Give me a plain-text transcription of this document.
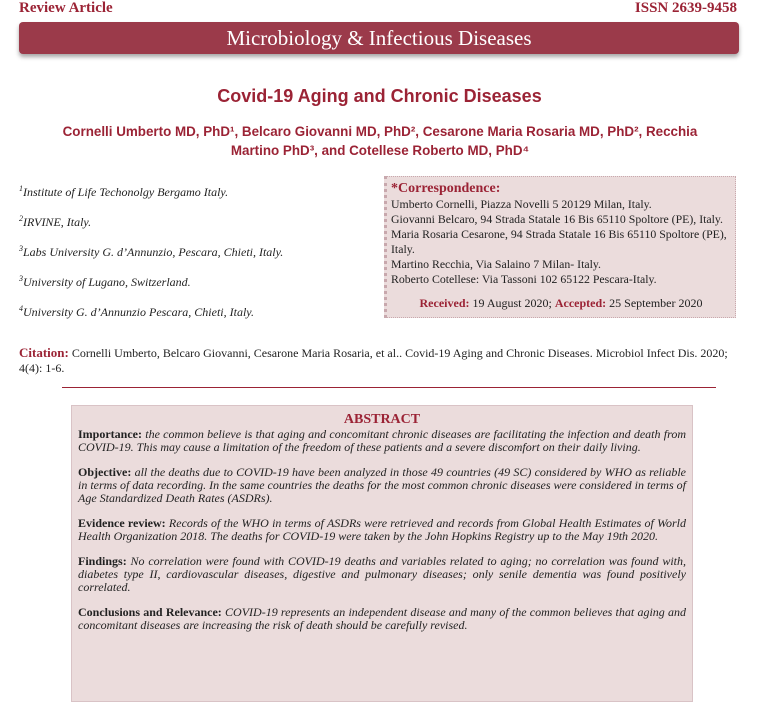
Review Article	ISSN 2639-9458
Microbiology & Infectious Diseases
Covid-19 Aging and Chronic Diseases
Cornelli Umberto MD, PhD¹, Belcaro Giovanni MD, PhD², Cesarone Maria Rosaria MD, PhD², Recchia
Martino PhD³, and Cotellese Roberto MD, PhD⁴
$^1$Institute of Life Techonolgy Bergamo Italy.
$^2$IRVINE, Italy.
$^3$Labs University G. d’Annunzio, Pescara, Chieti, Italy.
$^3$University of Lugano, Switzerland.
$^4$University G. d’Annunzio Pescara, Chieti, Italy.
*Correspondence:
Umberto Cornelli, Piazza Novelli 5 20129 Milan, Italy.
Giovanni Belcaro, 94 Strada Statale 16 Bis 65110 Spoltore (PE), Italy.
Maria Rosaria Cesarone, 94 Strada Statale 16 Bis 65110 Spoltore (PE), Italy.
Martino Recchia, Via Salaino 7 Milan- Italy.
Roberto Cotellese: Via Tassoni 102 65122 Pescara-Italy.
Received: 19 August 2020; Accepted: 25 September 2020
Citation: Cornelli Umberto, Belcaro Giovanni, Cesarone Maria Rosaria, et al.. Covid-19 Aging and Chronic Diseases. Microbiol Infect Dis. 2020; 4(4): 1-6.
ABSTRACT

Importance: the common believe is that aging and concomitant chronic diseases are facilitating the infection and death from COVID-19. This may cause a limitation of the freedom of these patients and a severe discomfort on their daily living.

Objective: all the deaths due to COVID-19 have been analyzed in those 49 countries (49 SC) considered by WHO as reliable in terms of data recording. In the same countries the deaths for the most common chronic diseases were considered in terms of Age Standardized Death Rates (ASDRs).

Evidence review: Records of the WHO in terms of ASDRs were retrieved and records from Global Health Estimates of World Health Organization 2018. The deaths for COVID-19 were taken by the John Hopkins Registry up to the May 19th 2020.

Findings: No correlation were found with COVID-19 deaths and variables related to aging; no correlation was found with, diabetes type II, cardiovascular diseases, digestive and pulmonary diseases; only senile dementia was found positively correlated.

Conclusions and Relevance: COVID-19 represents an independent disease and many of the common believes that aging and concomitant diseases are increasing the risk of death should be carefully revised.
